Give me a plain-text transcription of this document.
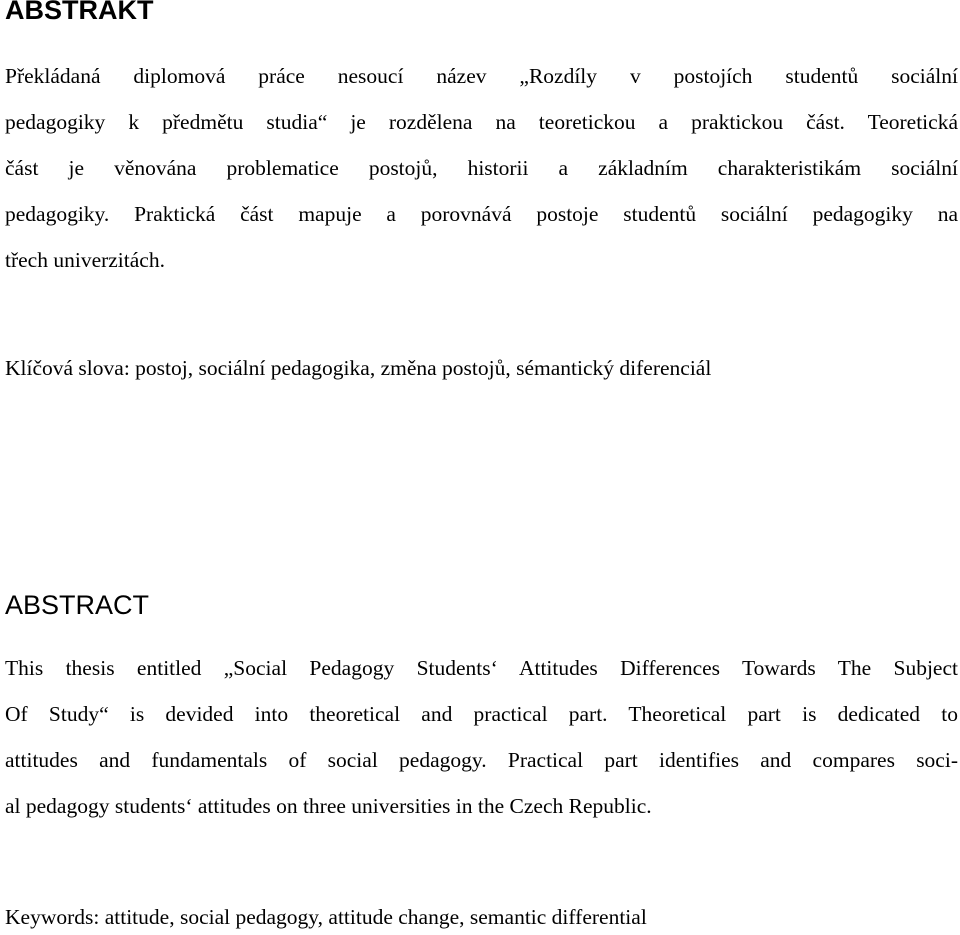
ABSTRAKT

Překládaná diplomová práce nesoucí název „Rozdíly v postojích studentů sociální
pedagogiky k předmětu studia“ je rozdělena na teoretickou a praktickou část. Teoretická
část je věnována problematice postojů, historii a základním charakteristikám sociální
pedagogiky. Praktická část mapuje a porovnává postoje studentů sociální pedagogiky na
třech univerzitách.

Klíčová slova: postoj, sociální pedagogika, změna postojů, sémantický diferenciál

ABSTRACT

This thesis entitled „Social Pedagogy Students‘ Attitudes Differences Towards The Subject
Of Study“ is devided into theoretical and practical part. Theoretical part is dedicated to
attitudes and fundamentals of social pedagogy. Practical part identifies and compares soci-
al pedagogy students‘ attitudes on three universities in the Czech Republic.

Keywords: attitude, social pedagogy, attitude change, semantic differential
